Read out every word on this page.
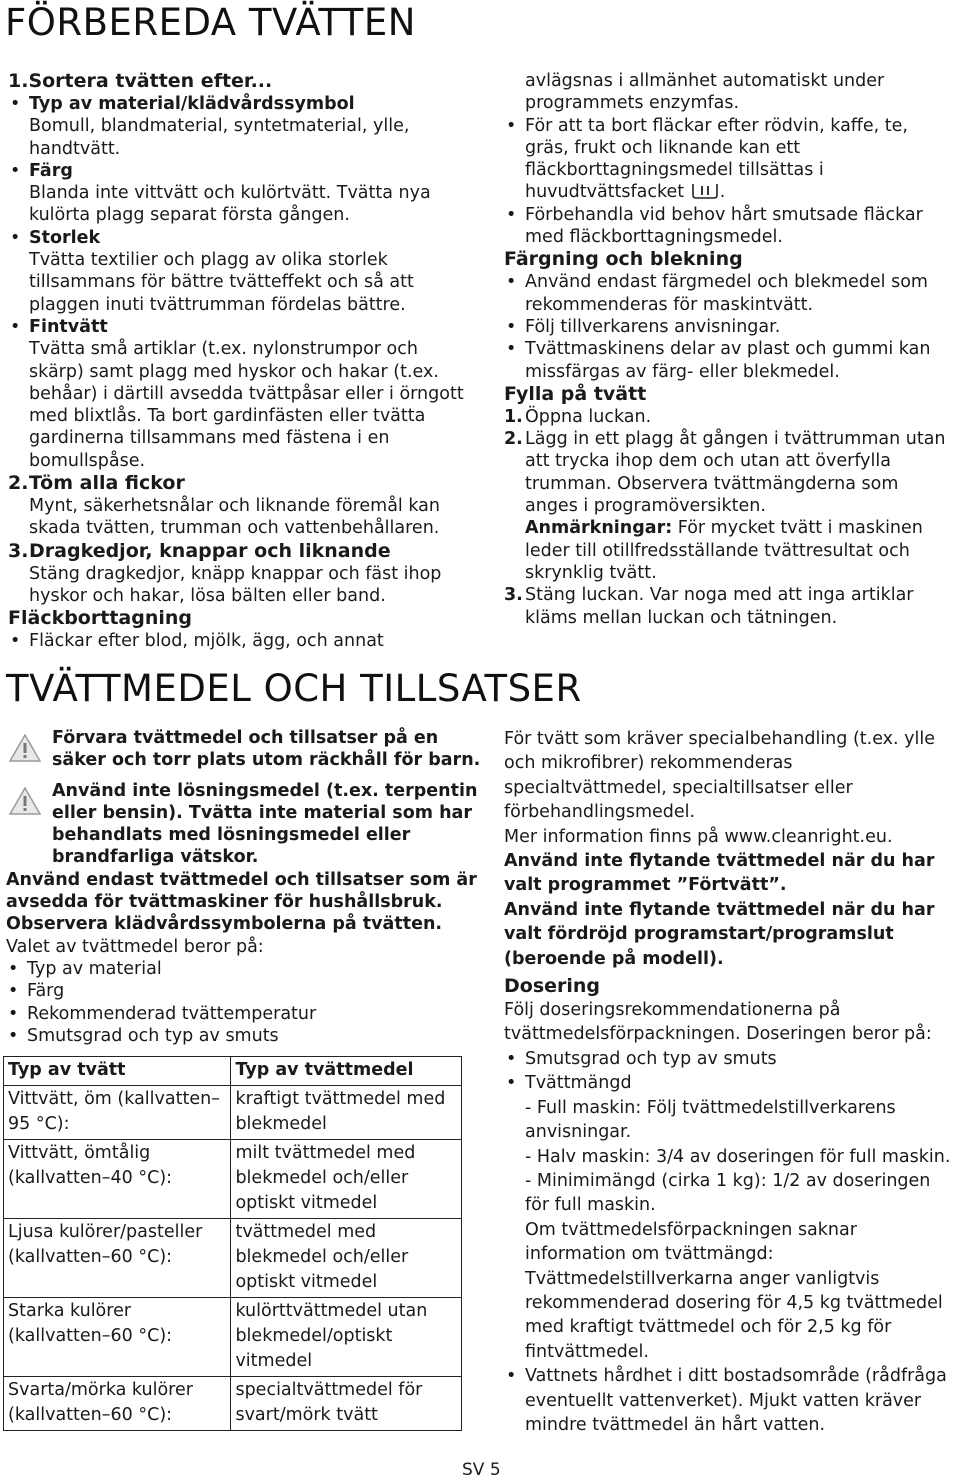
FÖRBEREDA TVÄTTEN
1.Sortera tvätten efter...
• Typ av material/klädvårdssymbol
Bomull, blandmaterial, syntetmaterial, ylle, handtvätt.
• Färg
Blanda inte vittvätt och kulörtvätt. Tvätta nya kulörta plagg separat första gången.
• Storlek
Tvätta textilier och plagg av olika storlek tillsammans för bättre tvätteffekt och så att plaggen inuti tvättrumman fördelas bättre.
• Fintvätt
Tvätta små artiklar (t.ex. nylonstrumpor och skärp) samt plagg med hyskor och hakar (t.ex. behåar) i därtill avsedda tvättpåsar eller i örngott med blixtlås. Ta bort gardinfästen eller tvätta gardinerna tillsammans med fästena i en bomullspåse.
2. Töm alla fickor
Mynt, säkerhetsnålar och liknande föremål kan skada tvätten, trumman och vattenbehållaren.
3. Dragkedjor, knappar och liknande
Stäng dragkedjor, knäpp knappar och fäst ihop hyskor och hakar, lösa bälten eller band.
Fläckborttagning
• Fläckar efter blod, mjölk, ägg, och annat
avlägsnas i allmänhet automatiskt under programmets enzymfas.
• För att ta bort fläckar efter rödvin, kaffe, te, gräs, frukt och liknande kan ett fläckborttagningsmedel tillsättas i huvudtvättsfacket .
• Förbehandla vid behov hårt smutsade fläckar med fläckborttagningsmedel.
Färgning och blekning
• Använd endast färgmedel och blekmedel som rekommenderas för maskintvätt.
• Följ tillverkarens anvisningar.
• Tvättmaskinens delar av plast och gummi kan missfärgas av färg- eller blekmedel.
Fylla på tvätt
1. Öppna luckan.
2. Lägg in ett plagg åt gången i tvättrumman utan att trycka ihop dem och utan att överfylla trumman. Observera tvättmängderna som anges i programöversikten.
Anmärkningar: För mycket tvätt i maskinen leder till otillfredsställande tvättresultat och skrynklig tvätt.
3. Stäng luckan. Var noga med att inga artiklar kläms mellan luckan och tätningen.
TVÄTTMEDEL OCH TILLSATSER
Förvara tvättmedel och tillsatser på en säker och torr plats utom räckhåll för barn.
Använd inte lösningsmedel (t.ex. terpentin eller bensin). Tvätta inte material som har behandlats med lösningsmedel eller brandfarliga vätskor.
Använd endast tvättmedel och tillsatser som är avsedda för tvättmaskiner för hushållsbruk. Observera klädvårdssymbolerna på tvätten.
Valet av tvättmedel beror på:
• Typ av material
• Färg
• Rekommenderad tvättemperatur
• Smutsgrad och typ av smuts
Typ av tvätt	Typ av tvättmedel
Vittvätt, öm (kallvatten–95 °C):	kraftigt tvättmedel med blekmedel
Vittvätt, ömtålig (kallvatten–40 °C):	milt tvättmedel med blekmedel och/eller optiskt vitmedel
Ljusa kulörer/pasteller (kallvatten–60 °C):	tvättmedel med blekmedel och/eller optiskt vitmedel
Starka kulörer (kallvatten–60 °C):	kulörttvättmedel utan blekmedel/optiskt vitmedel
Svarta/mörka kulörer (kallvatten–60 °C):	specialtvättmedel för svart/mörk tvätt
För tvätt som kräver specialbehandling (t.ex. ylle och mikrofibrer) rekommenderas specialtvättmedel, specialtillsatser eller förbehandlingsmedel.
Mer information finns på www.cleanright.eu.
Använd inte flytande tvättmedel när du har valt programmet ”Förtvätt”.
Använd inte flytande tvättmedel när du har valt fördröjd programstart/programslut (beroende på modell).
Dosering
Följ doseringsrekommendationerna på tvättmedelsförpackningen. Doseringen beror på:
• Smutsgrad och typ av smuts
• Tvättmängd
- Full maskin: Följ tvättmedelstillverkarens anvisningar.
- Halv maskin: 3/4 av doseringen för full maskin.
- Minimimängd (cirka 1 kg): 1/2 av doseringen för full maskin.
Om tvättmedelsförpackningen saknar information om tvättmängd: Tvättmedelstillverkarna anger vanligtvis rekommenderad dosering för 4,5 kg tvättmedel med kraftigt tvättmedel och för 2,5 kg för fintvättmedel.
• Vattnets hårdhet i ditt bostadsområde (rådfråga eventuellt vattenverket). Mjukt vatten kräver mindre tvättmedel än hårt vatten.
SV 5
